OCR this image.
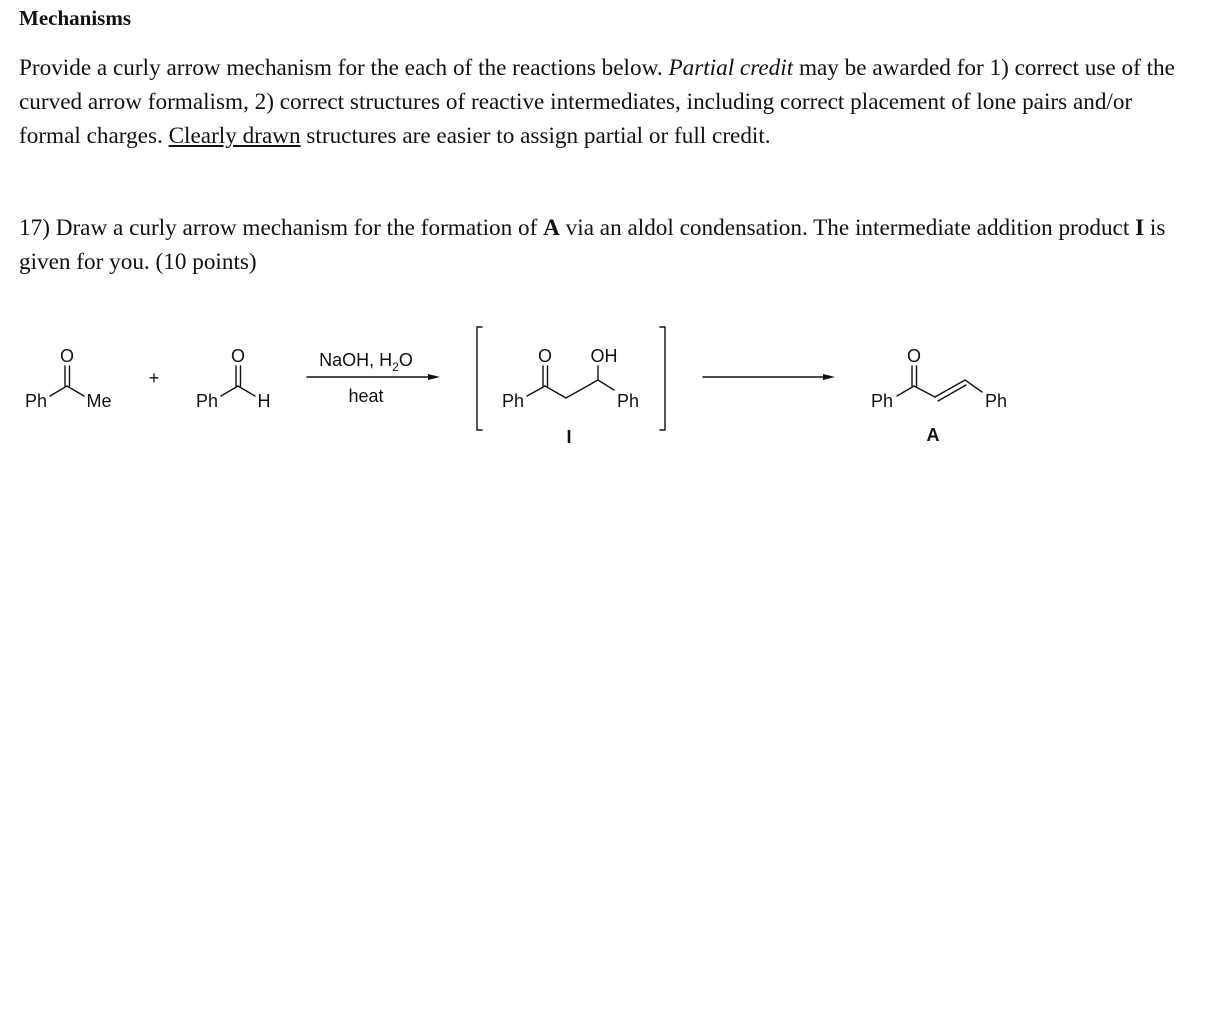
Mechanisms
Provide a curly arrow mechanism for the each of the reactions below. Partial credit may be awarded for 1) correct use of the curved arrow formalism, 2) correct structures of reactive intermediates, including correct placement of lone pairs and/or formal charges. Clearly drawn structures are easier to assign partial or full credit.
17) Draw a curly arrow mechanism for the formation of A via an aldol condensation. The intermediate addition product I is given for you. (10 points)
O
Ph Me
+
O
Ph H
NaOH, $H_2O$
heat
O OH
Ph	Ph
I
O
Ph	Ph
A
